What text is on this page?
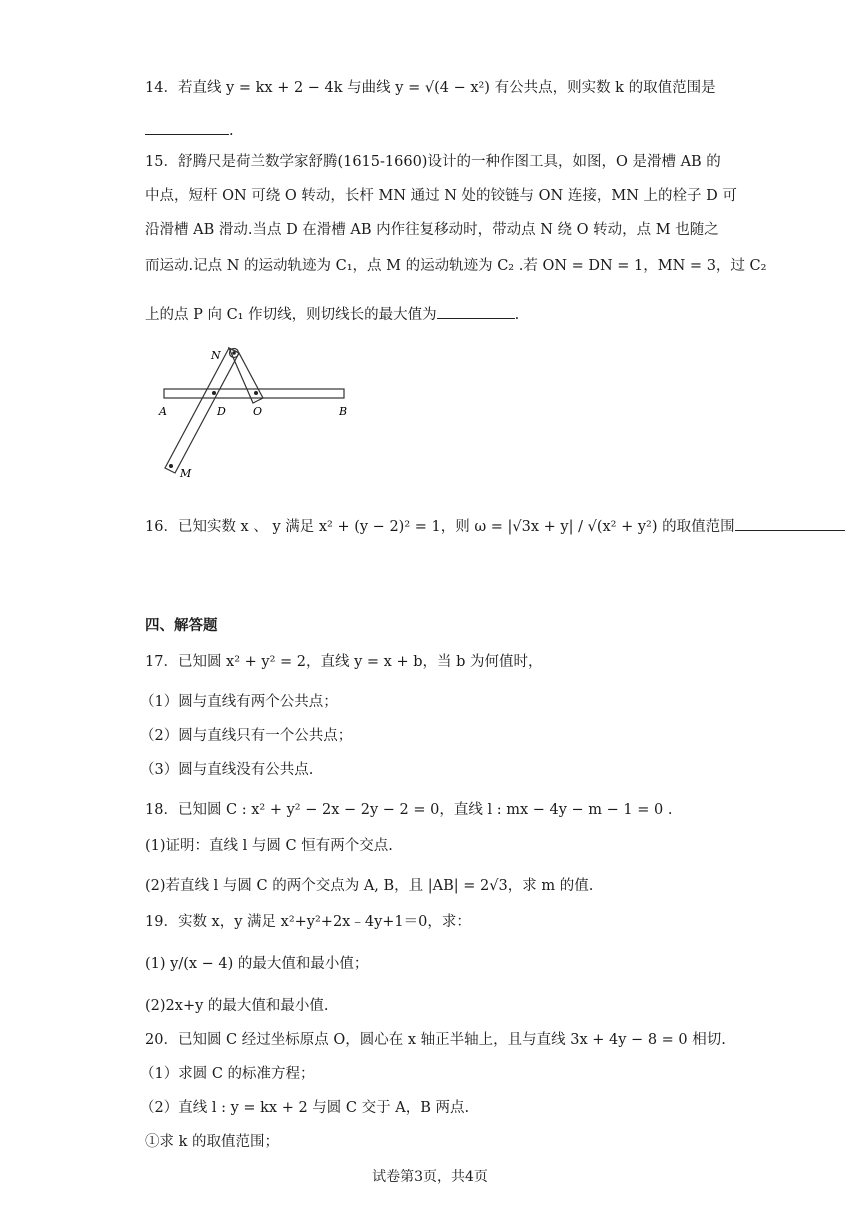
14．若直线 y = kx + 2 − 4k 与曲线 y = √(4 − x²) 有公共点，则实数 k 的取值范围是
.
15．舒腾尺是荷兰数学家舒腾(1615-1660)设计的一种作图工具，如图，O 是滑槽 AB 的
中点，短杆 ON 可绕 O 转动，长杆 MN 通过 N 处的铰链与 ON 连接，MN 上的栓子 D 可
沿滑槽 AB 滑动.当点 D 在滑槽 AB 内作往复移动时，带动点 N 绕 O 转动，点 M 也随之
而运动.记点 N 的运动轨迹为 C₁，点 M 的运动轨迹为 C₂ .若 ON = DN = 1，MN = 3，过 C₂
上的点 P 向 C₁ 作切线，则切线长的最大值为	.
N
A	D O	B
M
16．已知实数 x 、 y 满足 x² + (y − 2)² = 1，则 ω = |√3x + y| / √(x² + y²) 的取值范围
四、解答题
17．已知圆 x² + y² = 2，直线 y = x + b，当 b 为何值时，
（1）圆与直线有两个公共点；
（2）圆与直线只有一个公共点；
（3）圆与直线没有公共点.
18．已知圆 C : x² + y² − 2x − 2y − 2 = 0，直线 l : mx − 4y − m − 1 = 0 .
(1)证明：直线 l 与圆 C 恒有两个交点.
(2)若直线 l 与圆 C 的两个交点为 A, B，且 |AB| = 2√3，求 m 的值.
19．实数 x，y 满足 x²+y²+2x﹣4y+1＝0，求：
(1) y/(x − 4) 的最大值和最小值；
(2)2x+y 的最大值和最小值.
20．已知圆 C 经过坐标原点 O，圆心在 x 轴正半轴上，且与直线 3x + 4y − 8 = 0 相切.
（1）求圆 C 的标准方程；
（2）直线 l : y = kx + 2 与圆 C 交于 A，B 两点.
①求 k 的取值范围；
试卷第3页，共4页
